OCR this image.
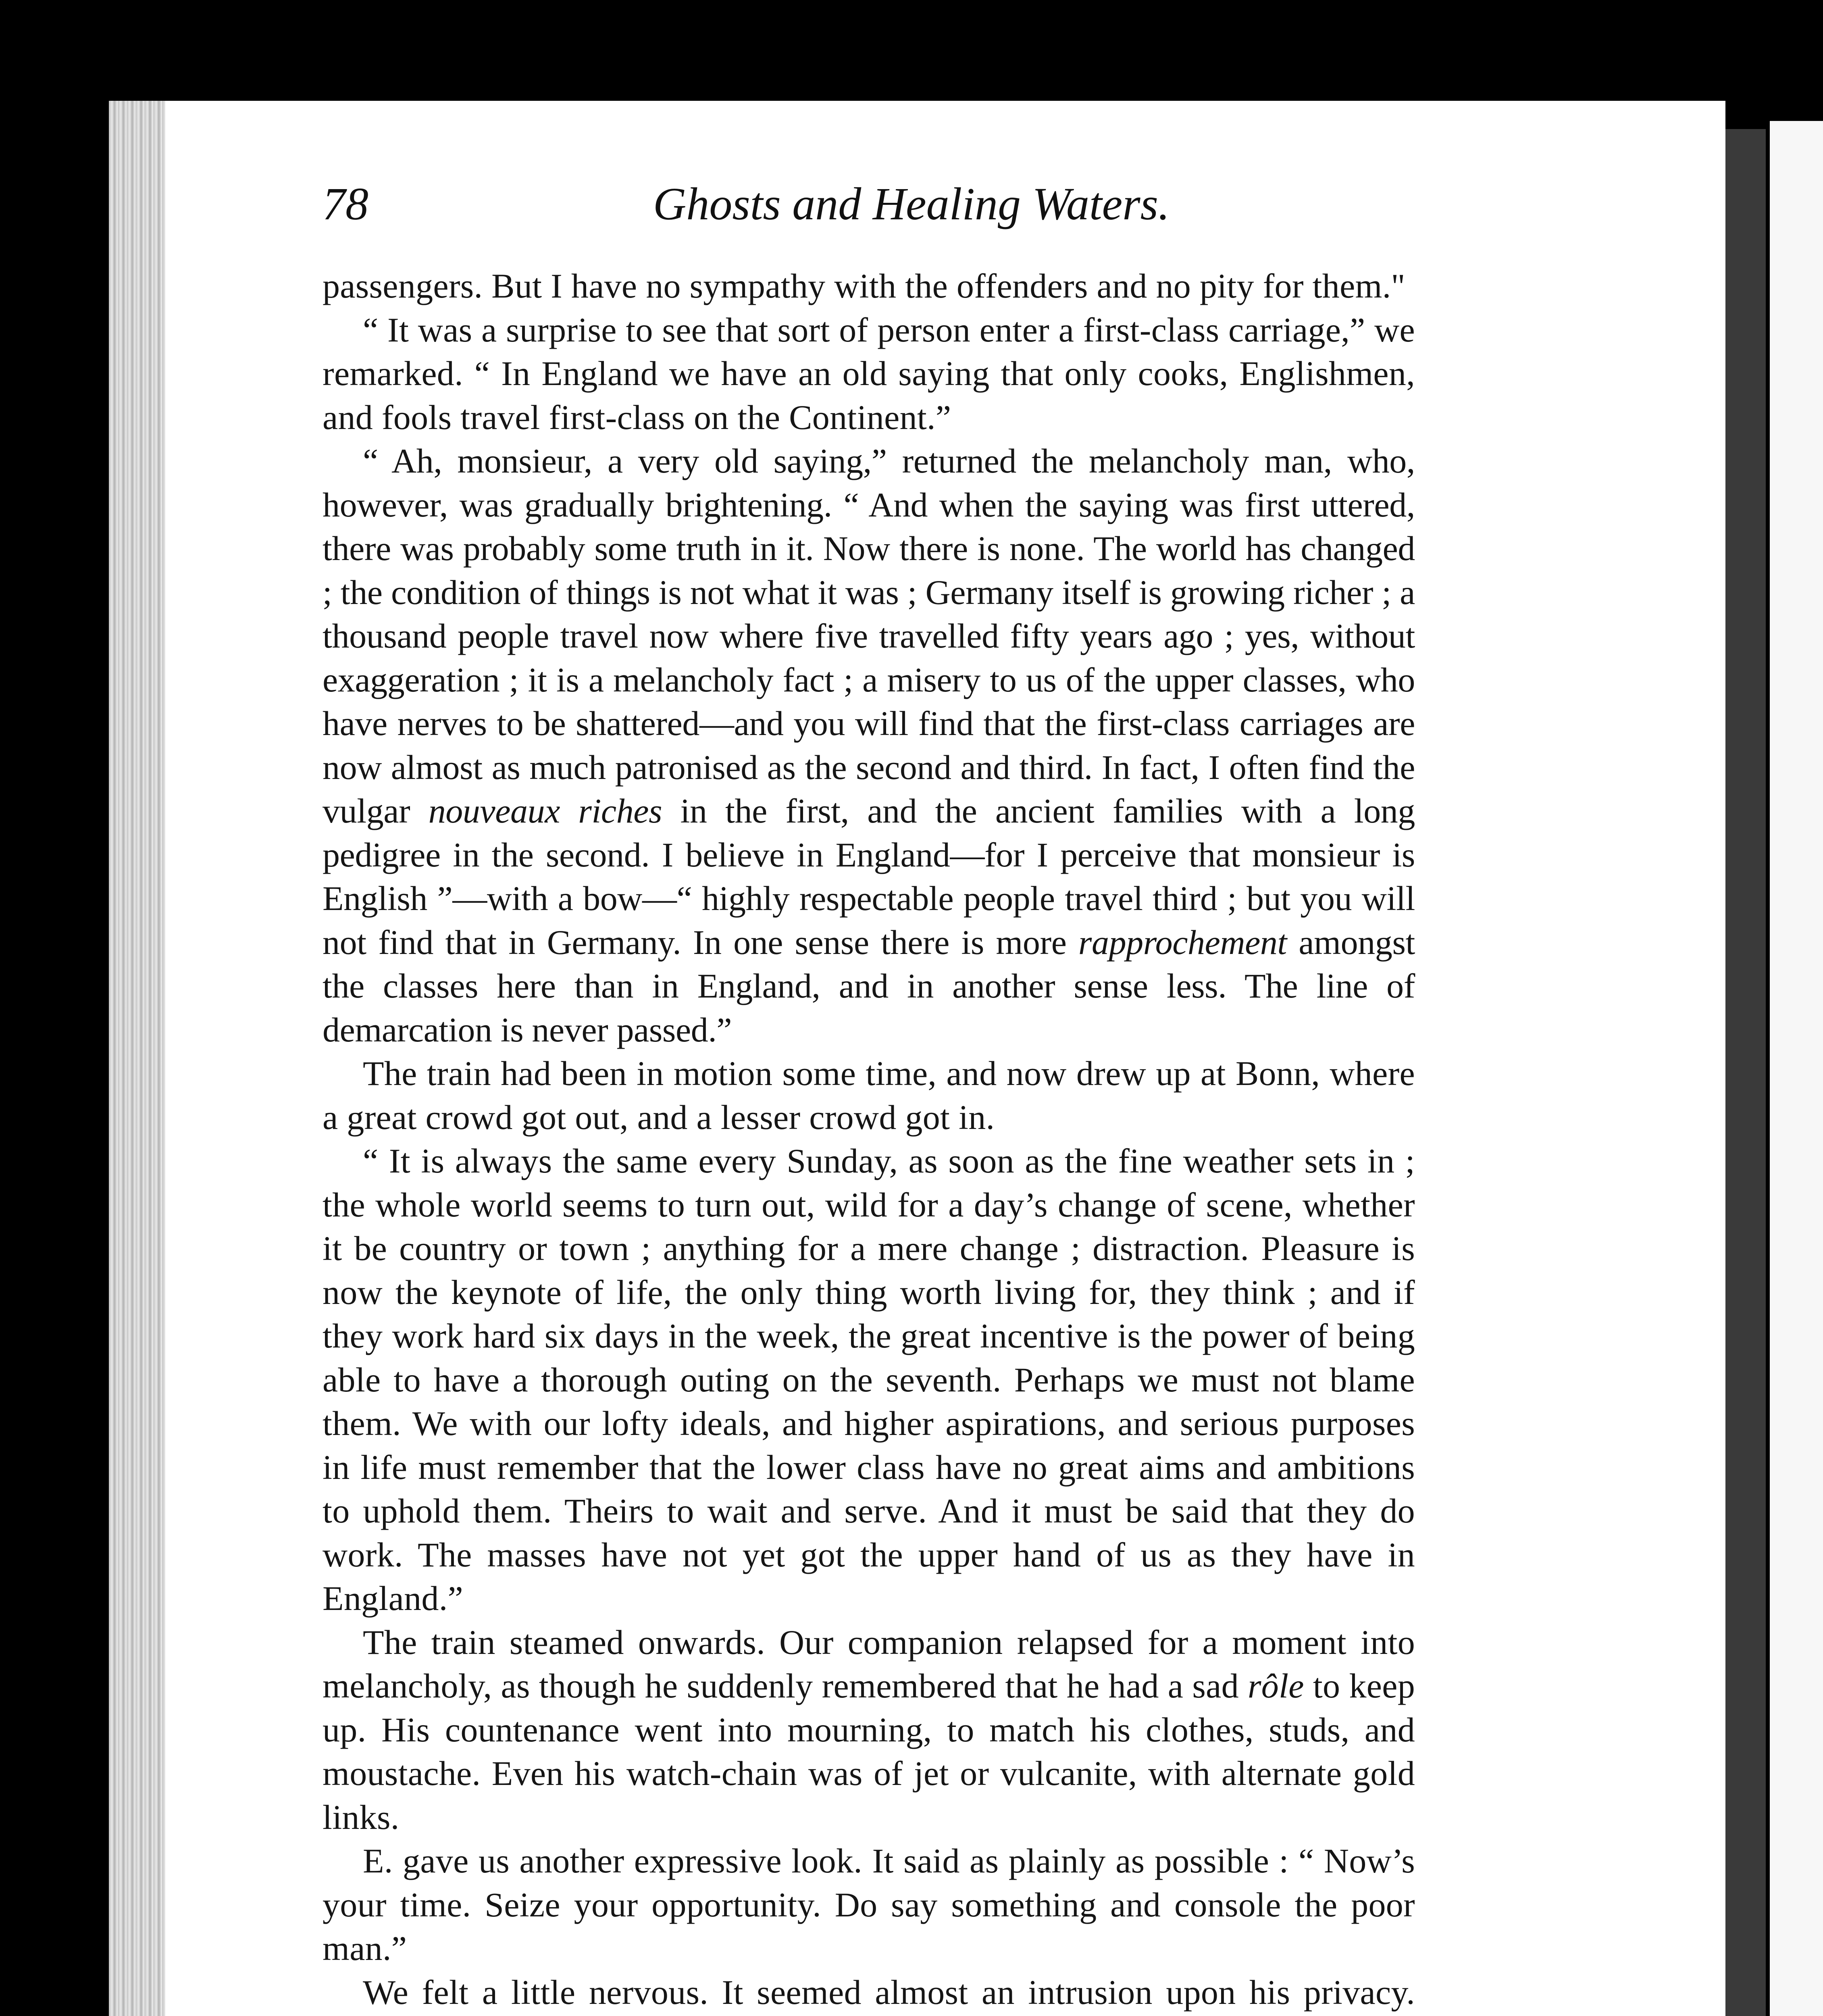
78	Ghosts and Healing Waters.

passengers. But I have no sympathy with the offenders and no pity for them."

“ It was a surprise to see that sort of person enter a first-class carriage,” we remarked. “ In England we have an old saying that only cooks, Englishmen, and fools travel first-class on the Continent.”

“ Ah, monsieur, a very old saying,” returned the melancholy man, who, however, was gradually brightening. “ And when the saying was first uttered, there was probably some truth in it. Now there is none. The world has changed ; the condition of things is not what it was ; Germany itself is growing richer ; a thousand people travel now where five travelled fifty years ago ; yes, without exaggeration ; it is a melancholy fact ; a misery to us of the upper classes, who have nerves to be shattered—and you will find that the first-class carriages are now almost as much patronised as the second and third. In fact, I often find the vulgar nouveaux riches in the first, and the ancient families with a long pedigree in the second. I believe in England—for I perceive that monsieur is English ”—with a bow—“ highly respectable people travel third ; but you will not find that in Germany. In one sense there is more rapprochement amongst the classes here than in England, and in another sense less. The line of demarcation is never passed.”

The train had been in motion some time, and now drew up at Bonn, where a great crowd got out, and a lesser crowd got in.

“ It is always the same every Sunday, as soon as the fine weather sets in ; the whole world seems to turn out, wild for a day’s change of scene, whether it be country or town ; anything for a mere change ; distraction. Pleasure is now the keynote of life, the only thing worth living for, they think ; and if they work hard six days in the week, the great incentive is the power of being able to have a thorough outing on the seventh. Perhaps we must not blame them. We with our lofty ideals, and higher aspirations, and serious purposes in life must remember that the lower class have no great aims and ambitions to uphold them. Theirs to wait and serve. And it must be said that they do work. The masses have not yet got the upper hand of us as they have in England.”

The train steamed onwards. Our companion relapsed for a moment into melancholy, as though he suddenly remembered that he had a sad rôle to keep up. His countenance went into mourning, to match his clothes, studs, and moustache. Even his watch-chain was of jet or vulcanite, with alternate gold links.

E. gave us another expressive look. It said as plainly as possible : “ Now’s your time. Seize your opportunity. Do say something and console the poor man.”

We felt a little nervous. It seemed almost an intrusion upon his privacy.
